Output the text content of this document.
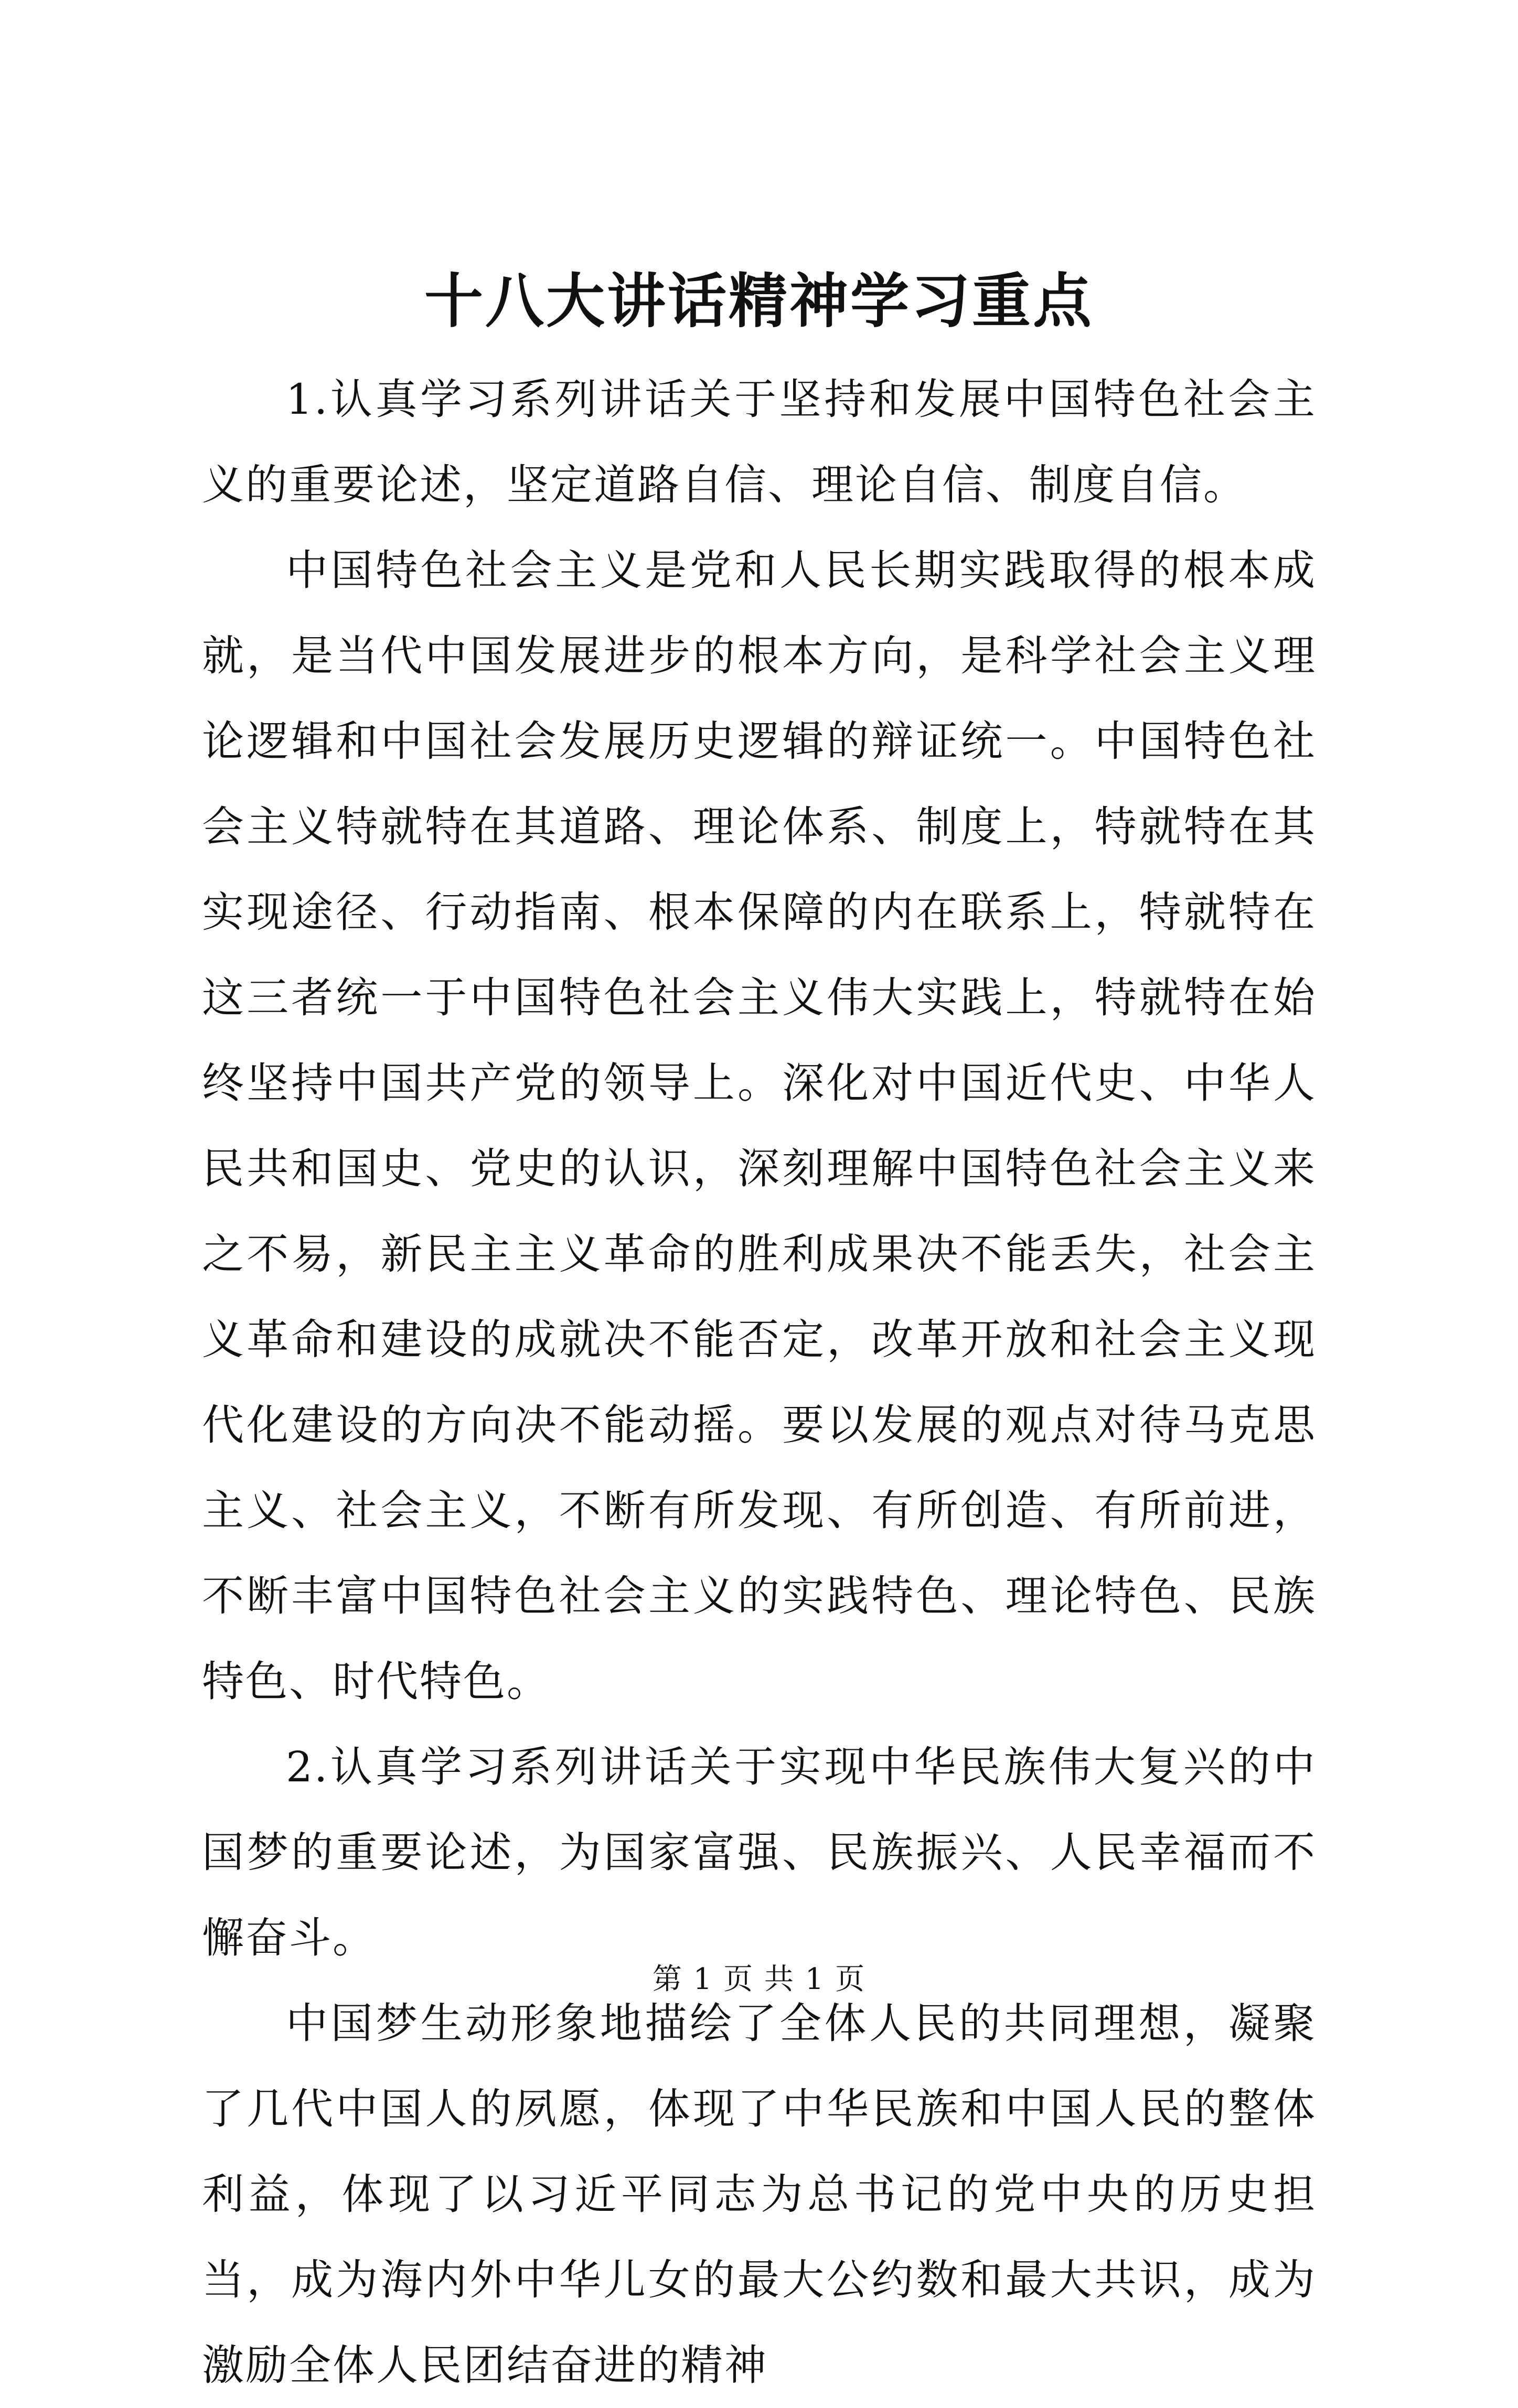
十八大讲话精神学习重点

1.认真学习系列讲话关于坚持和发展中国特色社会主义的重要论述，坚定道路自信、理论自信、制度自信。

中国特色社会主义是党和人民长期实践取得的根本成就，是当代中国发展进步的根本方向，是科学社会主义理论逻辑和中国社会发展历史逻辑的辩证统一。中国特色社会主义特就特在其道路、理论体系、制度上，特就特在其实现途径、行动指南、根本保障的内在联系上，特就特在这三者统一于中国特色社会主义伟大实践上，特就特在始终坚持中国共产党的领导上。深化对中国近代史、中华人民共和国史、党史的认识，深刻理解中国特色社会主义来之不易，新民主主义革命的胜利成果决不能丢失，社会主义革命和建设的成就决不能否定，改革开放和社会主义现代化建设的方向决不能动摇。要以发展的观点对待马克思主义、社会主义，不断有所发现、有所创造、有所前进，不断丰富中国特色社会主义的实践特色、理论特色、民族特色、时代特色。

2.认真学习系列讲话关于实现中华民族伟大复兴的中国梦的重要论述，为国家富强、民族振兴、人民幸福而不懈奋斗。

中国梦生动形象地描绘了全体人民的共同理想，凝聚了几代中国人的夙愿，体现了中华民族和中国人民的整体利益，体现了以习近平同志为总书记的党中央的历史担当，成为海内外中华儿女的最大公约数和最大共识，成为激励全体人民团结奋进的精神

第 1 页 共 1 页
